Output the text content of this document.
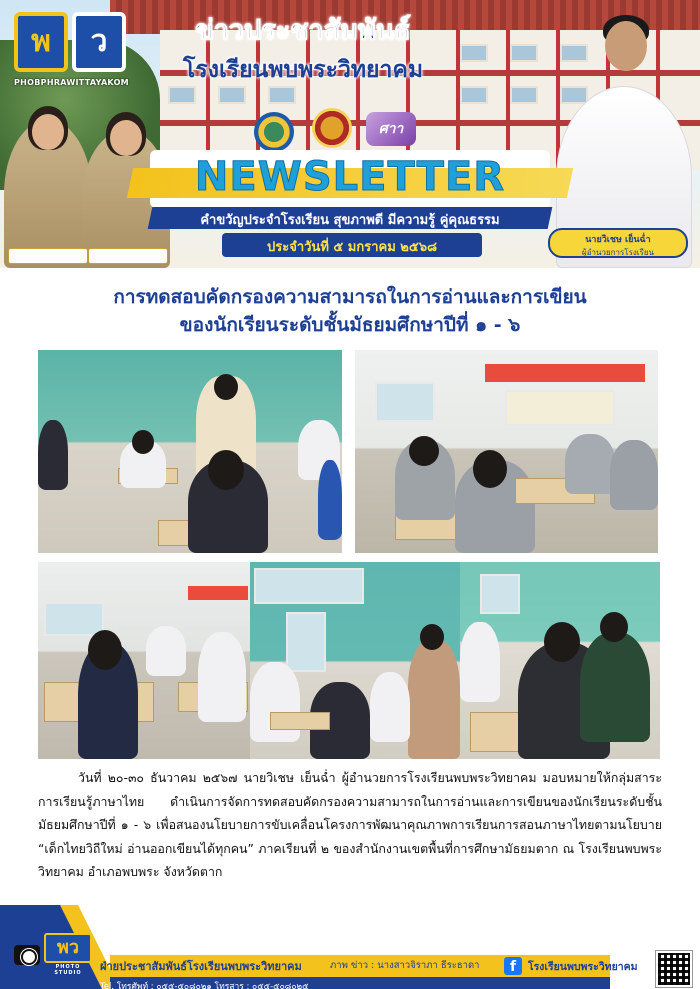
พ	ว
PHOBPHRAWITTAYAKOM
ข่าวประชาสัมพันธ์
โรงเรียนพบพระวิทยาคม
ศาา
NEWSLETTER
คำขวัญประจำโรงเรียน สุขภาพดี มีความรู้ คู่คุณธรรม
ประจำวันที่ ๕ มกราคม ๒๕๖๘	นายวิเชษ เย็นฉ่ำ
ผู้อำนวยการโรงเรียน
การทดสอบคัดกรองความสามารถในการอ่านและการเขียน
ของนักเรียนระดับชั้นมัธยมศึกษาปีที่ ๑ - ๖
วันที่ ๒๐-๓๐ ธันวาคม ๒๕๖๗ นายวิเชษ เย็นฉ่ำ ผู้อำนวยการโรงเรียนพบพระวิทยาคม มอบหมายให้กลุ่มสาระการเรียนรู้ภาษาไทย ดำเนินการจัดการทดสอบคัดกรองความสามารถในการอ่านและการเขียนของนักเรียนระดับชั้นมัธยมศึกษาปีที่ ๑ - ๖ เพื่อสนองนโยบายการขับเคลื่อนโครงการพัฒนาคุณภาพการเรียนการสอนภาษาไทยตามนโยบาย “เด็กไทยวิถีใหม่ อ่านออกเขียนได้ทุกคน” ภาคเรียนที่ ๒ ของสำนักงานเขตพื้นที่การศึกษามัธยมตาก ณ โรงเรียนพบพระวิทยาคม อำเภอพบพระ จังหวัดตาก
พว
PHOTO STUDIO	ฝ่ายประชาสัมพันธ์โรงเรียนพบพระวิทยาคม	ภาพ ข่าว : นางสาวจิราภา ธีระธาดา
Tel. โทรศัพท์ : ๐๕๕-๕๐๘๐๒๑ โทรสาร : ๐๕๕-๕๐๘๐๒๕
f	โรงเรียนพบพระวิทยาคม
